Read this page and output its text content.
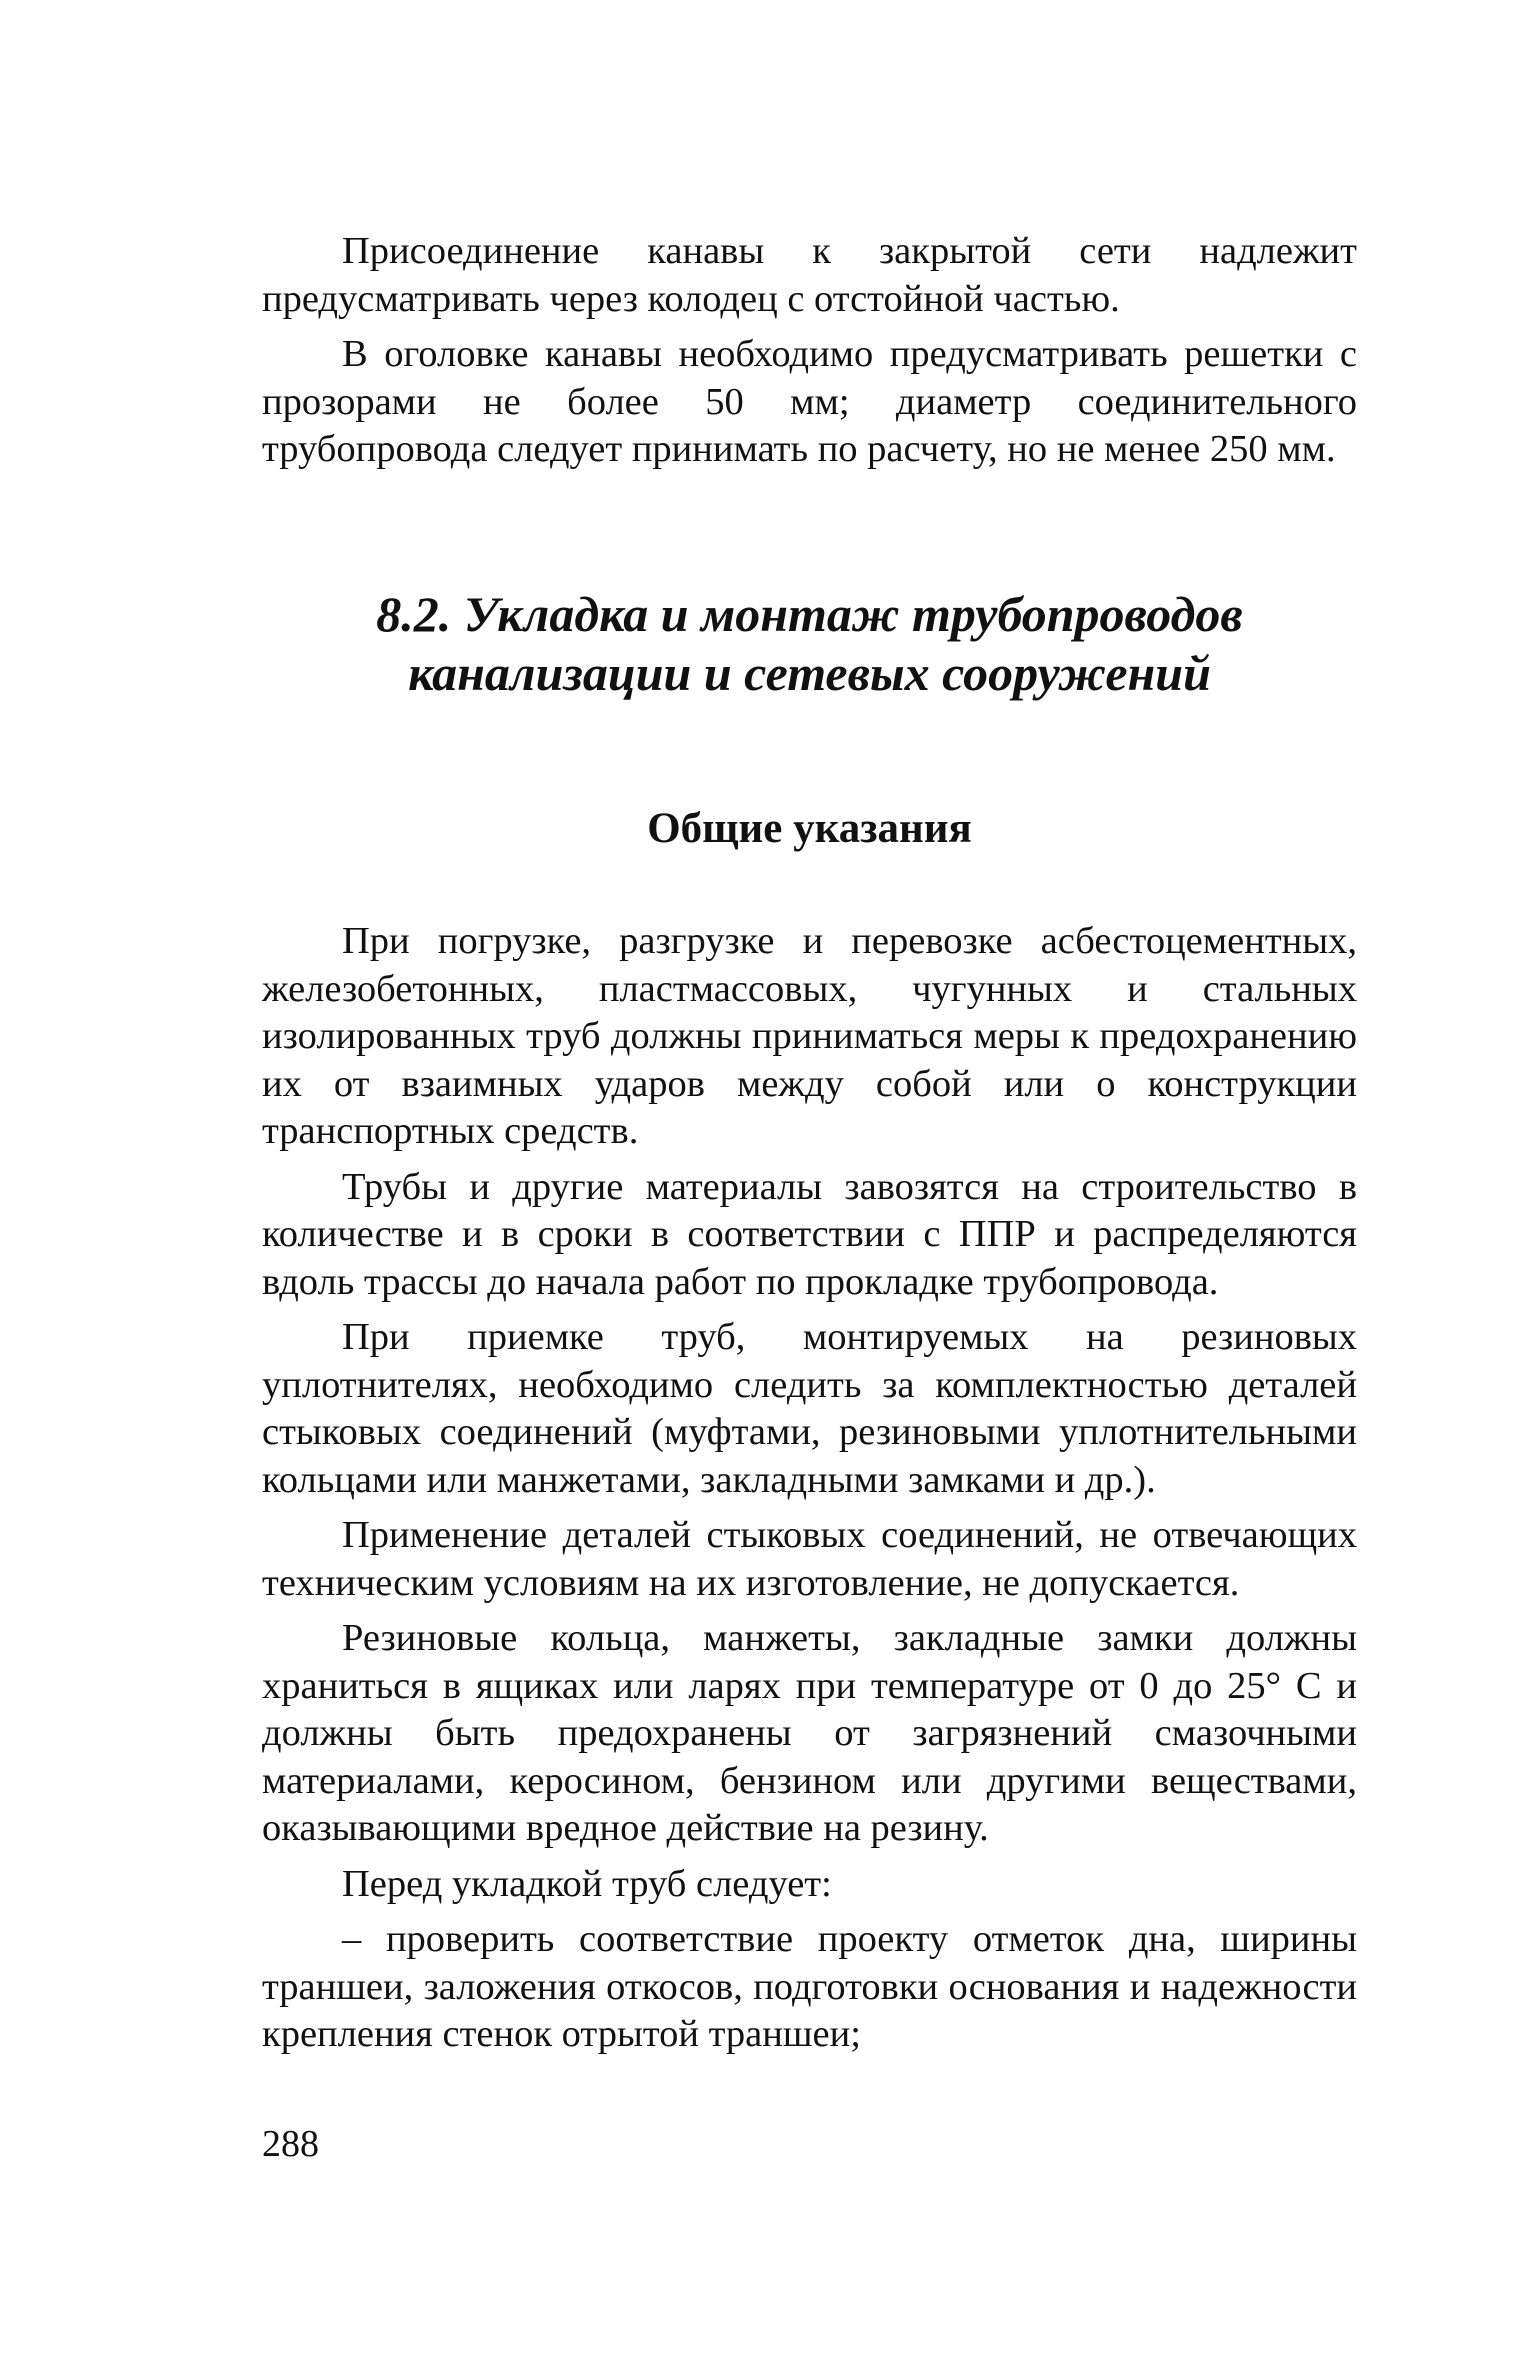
Присоединение канавы к закрытой сети надлежит предусматривать через колодец с отстойной частью.

В оголовке канавы необходимо предусматривать решетки с прозорами не более 50 мм; диаметр соединительного трубопровода следует принимать по расчету, но не менее 250 мм.

8.2. Укладка и монтаж трубопроводов
канализации и сетевых сооружений
Общие указания

При погрузке, разгрузке и перевозке асбестоцементных, железобетонных, пластмассовых, чугунных и стальных изолированных труб должны приниматься меры к предохранению их от взаимных ударов между собой или о конструкции транспортных средств.

Трубы и другие материалы завозятся на строительство в количестве и в сроки в соответствии с ППР и распределяются вдоль трассы до начала работ по прокладке трубопровода.

При приемке труб, монтируемых на резиновых уплотнителях, необходимо следить за комплектностью деталей стыковых соединений (муфтами, резиновыми уплотнительными кольцами или манжетами, закладными замками и др.).

Применение деталей стыковых соединений, не отвечающих техническим условиям на их изготовление, не допускается.

Резиновые кольца, манжеты, закладные замки должны храниться в ящиках или ларях при температуре от 0 до 25° С и должны быть предохранены от загрязнений смазочными материалами, керосином, бензином или другими веществами, оказывающими вредное действие на резину.

Перед укладкой труб следует:

– проверить соответствие проекту отметок дна, ширины траншеи, заложения откосов, подготовки основания и надежности крепления стенок отрытой траншеи;

288
